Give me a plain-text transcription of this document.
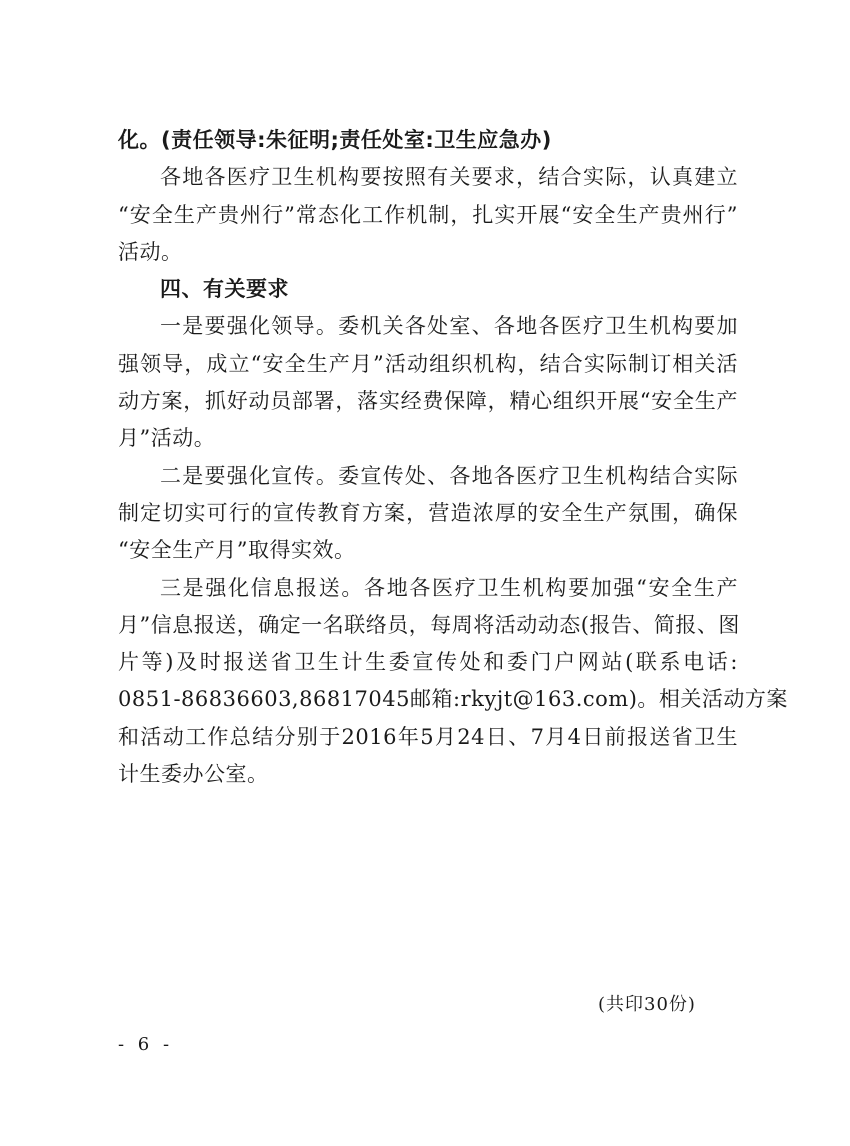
化。(责任领导:朱征明;责任处室:卫生应急办)
各地各医疗卫生机构要按照有关要求，结合实际，认真建立
“安全生产贵州行”常态化工作机制，扎实开展“安全生产贵州行”
活动。
四、有关要求
一是要强化领导。委机关各处室、各地各医疗卫生机构要加
强领导，成立“安全生产月”活动组织机构，结合实际制订相关活
动方案，抓好动员部署，落实经费保障，精心组织开展“安全生产
月”活动。
二是要强化宣传。委宣传处、各地各医疗卫生机构结合实际
制定切实可行的宣传教育方案，营造浓厚的安全生产氛围，确保
“安全生产月”取得实效。
三是强化信息报送。各地各医疗卫生机构要加强“安全生产
月”信息报送，确定一名联络员，每周将活动动态(报告、简报、图
片等)及时报送省卫生计生委宣传处和委门户网站(联系电话:
0851-86836603,86817045邮箱:rkyjt@163.com)。相关活动方案
和活动工作总结分别于2016年5月24日、7月4日前报送省卫生
计生委办公室。
(共印30份)
- 6 -
